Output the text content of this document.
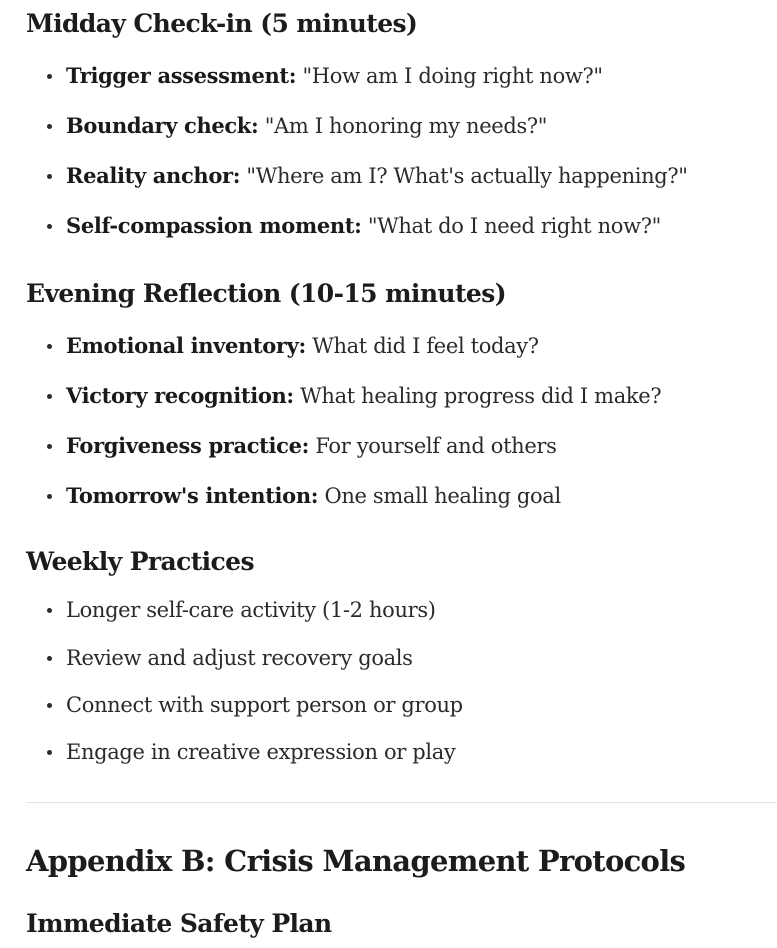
Midday Check-in (5 minutes)
Trigger assessment: "How am I doing right now?"
Boundary check: "Am I honoring my needs?"
Reality anchor: "Where am I? What's actually happening?"
Self-compassion moment: "What do I need right now?"
Evening Reflection (10-15 minutes)
Emotional inventory: What did I feel today?
Victory recognition: What healing progress did I make?
Forgiveness practice: For yourself and others
Tomorrow's intention: One small healing goal
Weekly Practices
Longer self-care activity (1-2 hours)
Review and adjust recovery goals
Connect with support person or group
Engage in creative expression or play
Appendix B: Crisis Management Protocols
Immediate Safety Plan
